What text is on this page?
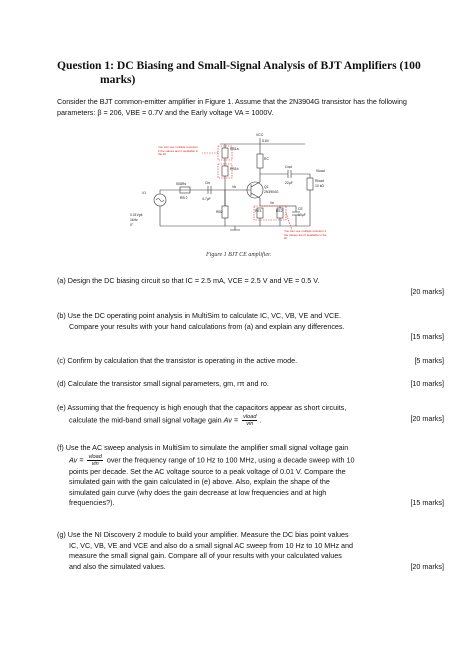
Question 1: DC Biasing and Small-Signal Analysis of BJT Amplifiers (100
marks)
Consider the BJT common-emitter amplifier in Figure 1. Assume that the 2N3904G transistor has the following parameters: β = 206, VBE = 0.7V and the Early voltage VA = 1000V.
VCC
5.6V
RB1a
RC
RB1b	Cout
22µF
Vload
Rload
10 kΩ
Rs
50Ω
Vb
Cin
4.7µF
RB 2
Q1
2N3904G
Ve
V1
0.01Vpk
1kHz
0°
RB2	RE1	RE2	CE
10µF
You can use multiple resistors if the values aren't available in the kit
You can use multiple resistors if the values aren't available in the kit
Figure 1 BJT CE amplifier.
(a) Design the DC biasing circuit so that IC = 2.5 mA, VCE = 2.5 V and VE = 0.5 V.
[20 marks]
(b) Use the DC operating point analysis in MultiSim to calculate IC, VC, VB, VE and VCE.
Compare your results with your hand calculations from (a) and explain any differences.
[15 marks]
(c) Confirm by calculation that the transistor is operating in the active mode.	[5 marks]
(d) Calculate the transistor small signal parameters, gm, rπ and ro.	[10 marks]
(e) Assuming that the frequency is high enough that the capacitors appear as short circuits,
calculate the mid-band small signal voltage gain $Av = \frac{\text{vload}}{\text{vin}}$ .	[20 marks]
(f) Use the AC sweep analysis in MultiSim to simulate the amplifier small signal voltage gain
$Av = \frac{\text{vload}}{\text{vin}}$ over the frequency range of 10 Hz to 100 MHz, using a decade sweep with 10
points per decade. Set the AC voltage source to a peak voltage of 0.01 V. Compare the
simulated gain with the gain calculated in (e) above. Also, explain the shape of the
simulated gain curve (why does the gain decrease at low frequencies and at high
frequencies?).	[15 marks]
(g) Use the NI Discovery 2 module to build your amplifier. Measure the DC bias point values
IC, VC, VB, VE and VCE and also do a small signal AC sweep from 10 Hz to 10 MHz and
measure the small signal gain. Compare all of your results with your calculated values
and also the simulated values.	[20 marks]
